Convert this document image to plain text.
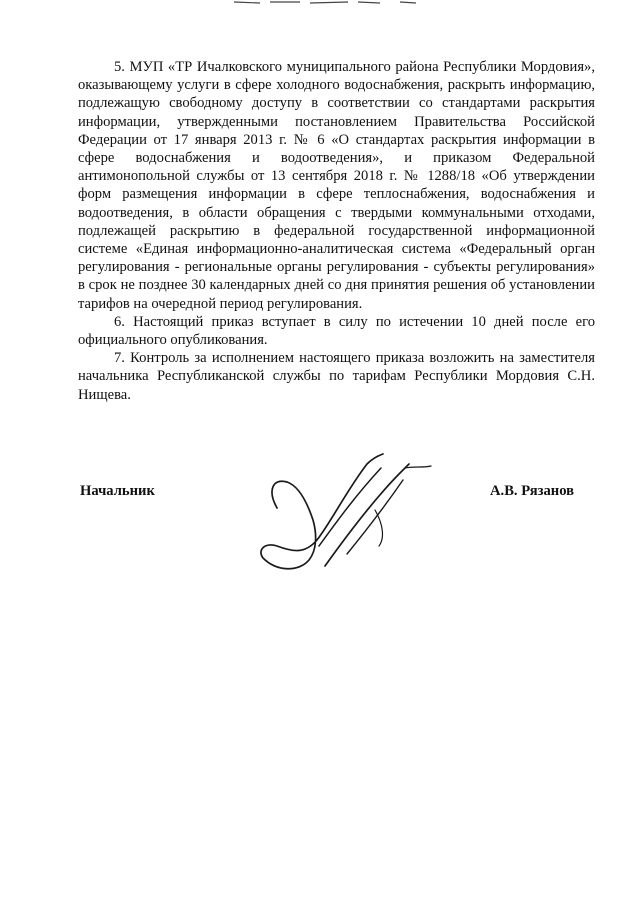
5. МУП «ТР Ичалковского муниципального района Республики Мордовия», оказывающему услуги в сфере холодного водоснабжения, раскрыть информацию, подлежащую свободному доступу в соответствии со стандартами раскрытия информации, утвержденными постановлением Правительства Российской Федерации от 17 января 2013 г. № 6 «О стандартах раскрытия информации в сфере водоснабжения и водоотведения», и приказом Федеральной антимонопольной службы от 13 сентября 2018 г. № 1288/18 «Об утверждении форм размещения информации в сфере теплоснабжения, водоснабжения и водоотведения, в области обращения с твердыми коммунальными отходами, подлежащей раскрытию в федеральной государственной информационной системе «Единая информационно-аналитическая система «Федеральный орган регулирования - региональные органы регулирования - субъекты регулирования» в срок не позднее 30 календарных дней со дня принятия решения об установлении тарифов на очередной период регулирования.

6. Настоящий приказ вступает в силу по истечении 10 дней после его официального опубликования.

7. Контроль за исполнением настоящего приказа возложить на заместителя начальника Республиканской службы по тарифам Республики Мордовия С.Н. Нищева.

Начальник	А.В. Рязанов
